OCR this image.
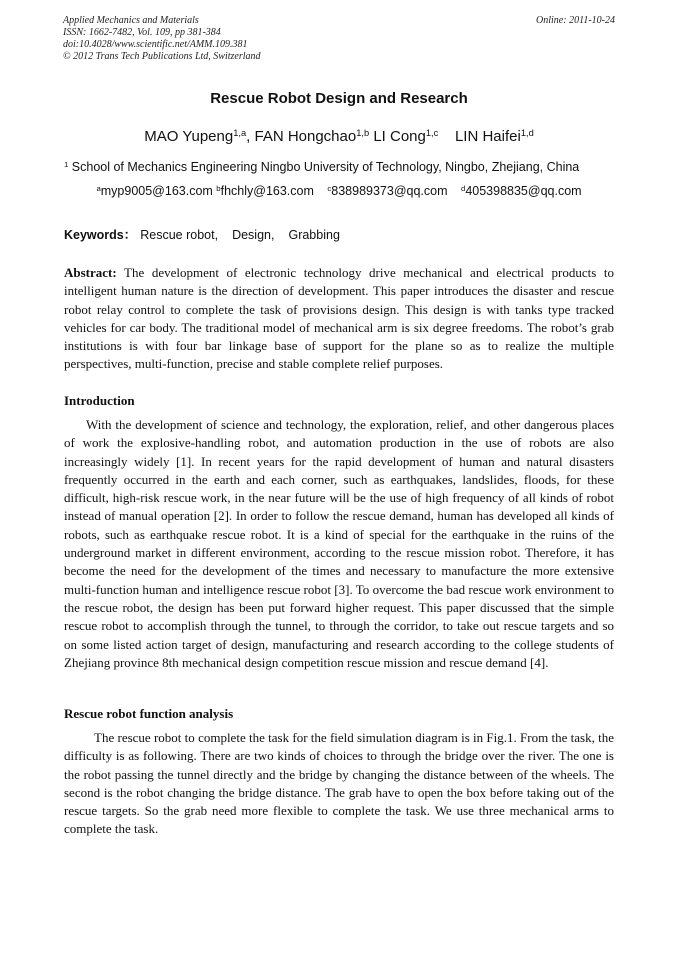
Applied Mechanics and Materials
ISSN: 1662-7482, Vol. 109, pp 381-384
doi:10.4028/www.scientific.net/AMM.109.381
© 2012 Trans Tech Publications Ltd, Switzerland
Online: 2011-10-24
Rescue Robot Design and Research
MAO Yupeng$^{1,a}$, FAN Hongchao$^{1,b}$ LI Cong$^{1,c}$ LIN Haifei$^{1,d}$
$^1$ School of Mechanics Engineering Ningbo University of Technology, Ningbo, Zhejiang, China
$^a$myp9005@163.com $^b$fhchly@163.com $^c$838989373@qq.com $^d$405398835@qq.com
Keywords： Rescue robot, Design, Grabbing
Abstract: The development of electronic technology drive mechanical and electrical products to intelligent human nature is the direction of development. This paper introduces the disaster and rescue robot relay control to complete the task of provisions design. This design is with tanks type tracked vehicles for car body. The traditional model of mechanical arm is six degree freedoms. The robot’s grab institutions is with four bar linkage base of support for the plane so as to realize the multiple perspectives, multi-function, precise and stable complete relief purposes.
Introduction
With the development of science and technology, the exploration, relief, and other dangerous places of work the explosive-handling robot, and automation production in the use of robots are also increasingly widely [1]. In recent years for the rapid development of human and natural disasters frequently occurred in the earth and each corner, such as earthquakes, landslides, floods, for these difficult, high-risk rescue work, in the near future will be the use of high frequency of all kinds of robot instead of manual operation [2]. In order to follow the rescue demand, human has developed all kinds of robots, such as earthquake rescue robot. It is a kind of special for the earthquake in the ruins of the underground market in different environment, according to the rescue mission robot. Therefore, it has become the need for the development of the times and necessary to manufacture the more extensive multi-function human and intelligence rescue robot [3]. To overcome the bad rescue work environment to the rescue robot, the design has been put forward higher request. This paper discussed that the simple rescue robot to accomplish through the tunnel, to through the corridor, to take out rescue targets and so on some listed action target of design, manufacturing and research according to the college students of Zhejiang province 8th mechanical design competition rescue mission and rescue demand [4].
Rescue robot function analysis
The rescue robot to complete the task for the field simulation diagram is in Fig.1. From the task, the difficulty is as following. There are two kinds of choices to through the bridge over the river. The one is the robot passing the tunnel directly and the bridge by changing the distance between of the wheels. The second is the robot changing the bridge distance. The grab have to open the box before taking out of the rescue targets. So the grab need more flexible to complete the task. We use three mechanical arms to complete the task.
